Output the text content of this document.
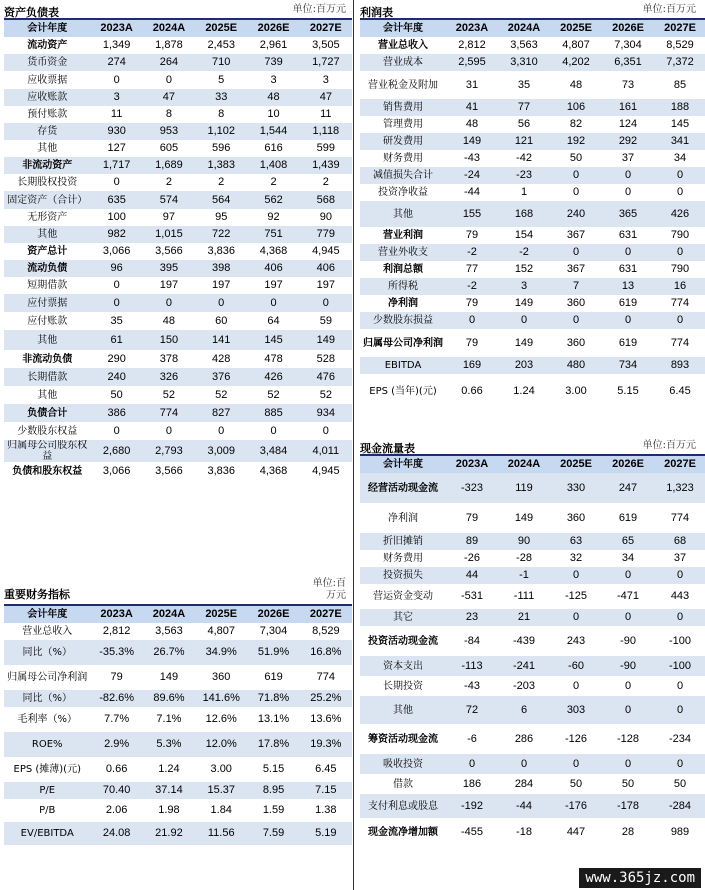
资产负债表	单位:百万元
会计年度	2023A	2024A	2025E	2026E	2027E
流动资产	1,349	1,878	2,453	2,961	3,505
货币资金	274	264	710	739	1,727
应收票据	0	0	5	3	3
应收账款	3	47	33	48	47
预付账款	11	8	8	10	11
存货	930	953	1,102	1,544	1,118
其他	127	605	596	616	599
非流动资产	1,717	1,689	1,383	1,408	1,439
长期股权投资	0	2	2	2	2
固定资产（合计）	635	574	564	562	568
无形资产	100	97	95	92	90
其他	982	1,015	722	751	779
资产总计	3,066	3,566	3,836	4,368	4,945
流动负债	96	395	398	406	406
短期借款	0	197	197	197	197
应付票据	0	0	0	0	0
应付账款	35	48	60	64	59
其他	61	150	141	145	149
非流动负债	290	378	428	478	528
长期借款	240	326	376	426	476
其他	50	52	52	52	52
负债合计	386	774	827	885	934
少数股东权益	0	0	0	0	0
归属母公司股东权益	2,680	2,793	3,009	3,484	4,011
负债和股东权益	3,066	3,566	3,836	4,368	4,945
利润表	单位:百万元
会计年度	2023A	2024A	2025E	2026E	2027E
营业总收入	2,812	3,563	4,807	7,304	8,529
营业成本	2,595	3,310	4,202	6,351	7,372
营业税金及附加	31	35	48	73	85
销售费用	41	77	106	161	188
管理费用	48	56	82	124	145
研发费用	149	121	192	292	341
财务费用	-43	-42	50	37	34
减值损失合计	-24	-23	0	0	0
投资净收益	-44	1	0	0	0
其他	155	168	240	365	426
营业利润	79	154	367	631	790
营业外收支	-2	-2	0	0	0
利润总额	77	152	367	631	790
所得税	-2	3	7	13	16
净利润	79	149	360	619	774
少数股东损益	0	0	0	0	0
归属母公司净利润	79	149	360	619	774
EBITDA	169	203	480	734	893
EPS (当年)(元)	0.66	1.24	3.00	5.15	6.45
重要财务指标
单位:百万元
会计年度	2023A	2024A	2025E	2026E	2027E
营业总收入	2,812	3,563	4,807	7,304	8,529
同比（%）	-35.3%	26.7%	34.9%	51.9%	16.8%
归属母公司净利润	79	149	360	619	774
同比（%）	-82.6%	89.6%	141.6%	71.8%	25.2%
毛利率（%）	7.7%	7.1%	12.6%	13.1%	13.6%
ROE%	2.9%	5.3%	12.0%	17.8%	19.3%
EPS (摊薄)(元)	0.66	1.24	3.00	5.15	6.45
P/E	70.40	37.14	15.37	8.95	7.15
P/B	2.06	1.98	1.84	1.59	1.38
EV/EBITDA	24.08	21.92	11.56	7.59	5.19
现金流量表	单位:百万元
会计年度	2023A	2024A	2025E	2026E	2027E
经营活动现金流	-323	119	330	247	1,323
净利润	79	149	360	619	774
折旧摊销	89	90	63	65	68
财务费用	-26	-28	32	34	37
投资损失	44	-1	0	0	0
营运资金变动	-531	-111	-125	-471	443
其它	23	21	0	0	0
投资活动现金流	-84	-439	243	-90	-100
资本支出	-113	-241	-60	-90	-100
长期投资	-43	-203	0	0	0
其他	72	6	303	0	0
筹资活动现金流	-6	286	-126	-128	-234
吸收投资	0	0	0	0	0
借款	186	284	50	50	50
支付利息或股息	-192	-44	-176	-178	-284
现金流净增加额	-455	-18	447	28	989
www.365jz.com
